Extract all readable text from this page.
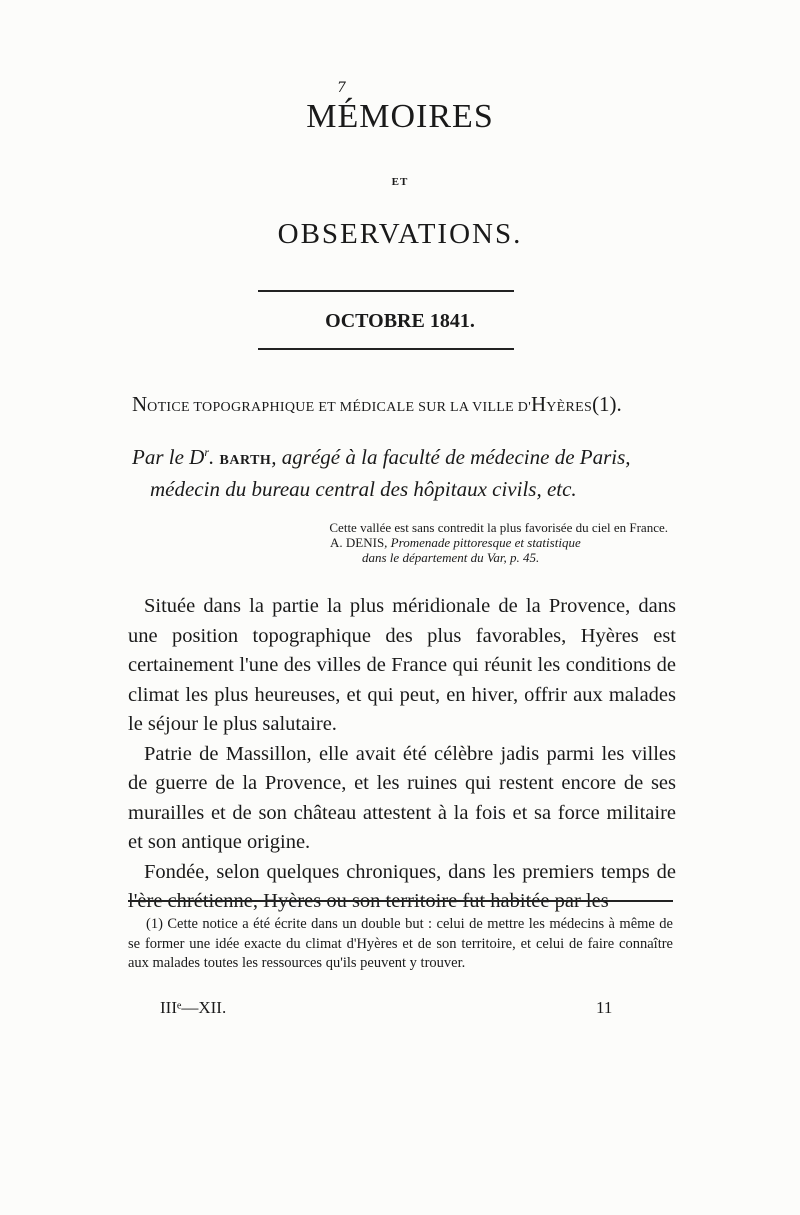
7
MÉMOIRES
ET
OBSERVATIONS.
OCTOBRE 1841.
NOTICE TOPOGRAPHIQUE ET MÉDICALE SUR LA VILLE D'HYÈRES(1).
Par le $D^r$. BARTH, agrégé à la faculté de médecine de Paris,
médecin du bureau central des hôpitaux civils, etc.
Cette vallée est sans contredit la plus favorisée du ciel en France.
A. DENIS, Promenade pittoresque et statistique
dans le département du Var, p. 45.

Située dans la partie la plus méridionale de la Provence, dans une position topographique des plus favorables, Hyères est certainement l'une des villes de France qui réunit les conditions de climat les plus heureuses, et qui peut, en hiver, offrir aux malades le séjour le plus salutaire.

Patrie de Massillon, elle avait été célèbre jadis parmi les villes de guerre de la Provence, et les ruines qui restent encore de ses murailles et de son château attestent à la fois et sa force militaire et son antique origine.

Fondée, selon quelques chroniques, dans les premiers temps de l'ère chrétienne, Hyères ou son territoire fut habitée par les

(1) Cette notice a été écrite dans un double but : celui de mettre les médecins à même de se former une idée exacte du climat d'Hyères et de son territoire, et celui de faire connaître aux malades toutes les ressources qu'ils peuvent y trouver.

IIIᵉ—XII.	11
